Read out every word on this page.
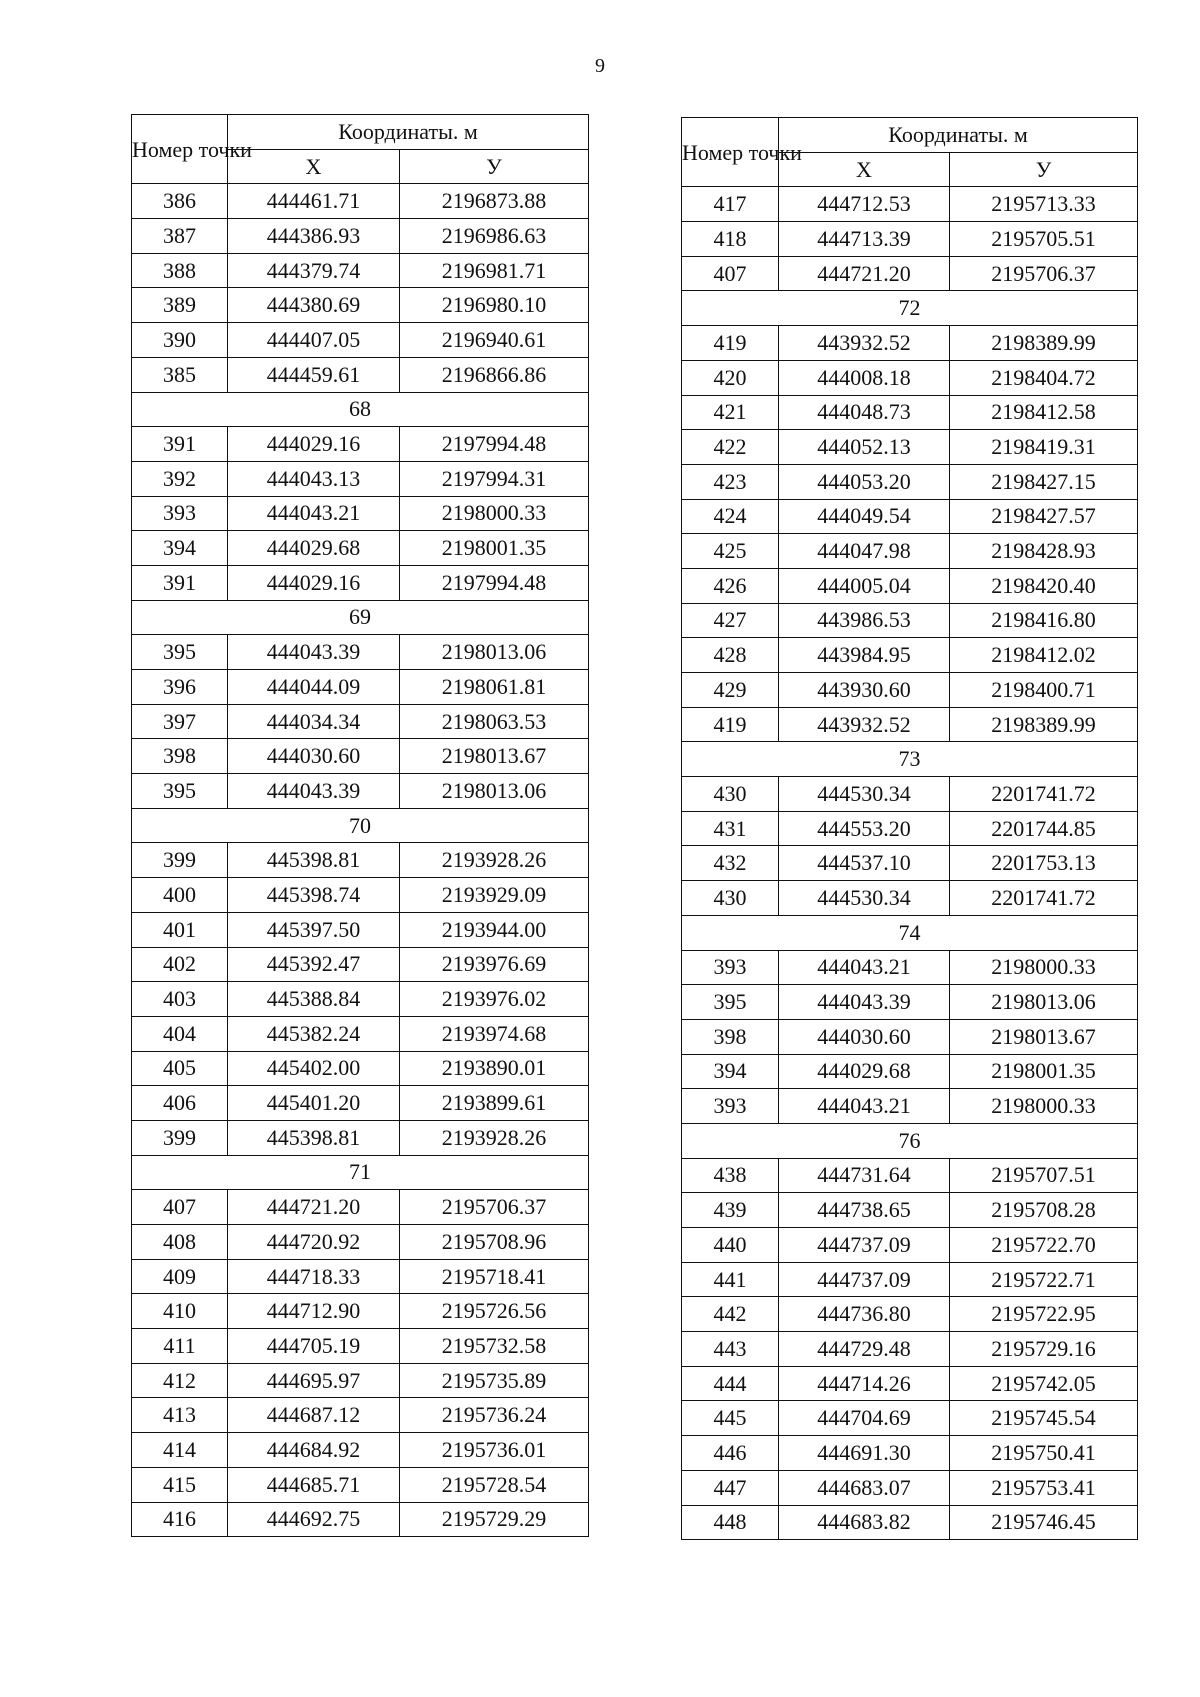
9
Номер точки	Координаты. м	
	X	У
386	444461.71	2196873.88
387	444386.93	2196986.63
388	444379.74	2196981.71
389	444380.69	2196980.10
390	444407.05	2196940.61
385	444459.61	2196866.86
68		
391	444029.16	2197994.48
392	444043.13	2197994.31
393	444043.21	2198000.33
394	444029.68	2198001.35
391	444029.16	2197994.48
69		
395	444043.39	2198013.06
396	444044.09	2198061.81
397	444034.34	2198063.53
398	444030.60	2198013.67
395	444043.39	2198013.06
70		
399	445398.81	2193928.26
400	445398.74	2193929.09
401	445397.50	2193944.00
402	445392.47	2193976.69
403	445388.84	2193976.02
404	445382.24	2193974.68
405	445402.00	2193890.01
406	445401.20	2193899.61
399	445398.81	2193928.26
71		
407	444721.20	2195706.37
408	444720.92	2195708.96
409	444718.33	2195718.41
410	444712.90	2195726.56
411	444705.19	2195732.58
412	444695.97	2195735.89
413	444687.12	2195736.24
414	444684.92	2195736.01
415	444685.71	2195728.54
416	444692.75	2195729.29
Номер точки	Координаты. м	
	X	У
417	444712.53	2195713.33
418	444713.39	2195705.51
407	444721.20	2195706.37
72		
419	443932.52	2198389.99
420	444008.18	2198404.72
421	444048.73	2198412.58
422	444052.13	2198419.31
423	444053.20	2198427.15
424	444049.54	2198427.57
425	444047.98	2198428.93
426	444005.04	2198420.40
427	443986.53	2198416.80
428	443984.95	2198412.02
429	443930.60	2198400.71
419	443932.52	2198389.99
73		
430	444530.34	2201741.72
431	444553.20	2201744.85
432	444537.10	2201753.13
430	444530.34	2201741.72
74		
393	444043.21	2198000.33
395	444043.39	2198013.06
398	444030.60	2198013.67
394	444029.68	2198001.35
393	444043.21	2198000.33
76		
438	444731.64	2195707.51
439	444738.65	2195708.28
440	444737.09	2195722.70
441	444737.09	2195722.71
442	444736.80	2195722.95
443	444729.48	2195729.16
444	444714.26	2195742.05
445	444704.69	2195745.54
446	444691.30	2195750.41
447	444683.07	2195753.41
448	444683.82	2195746.45
